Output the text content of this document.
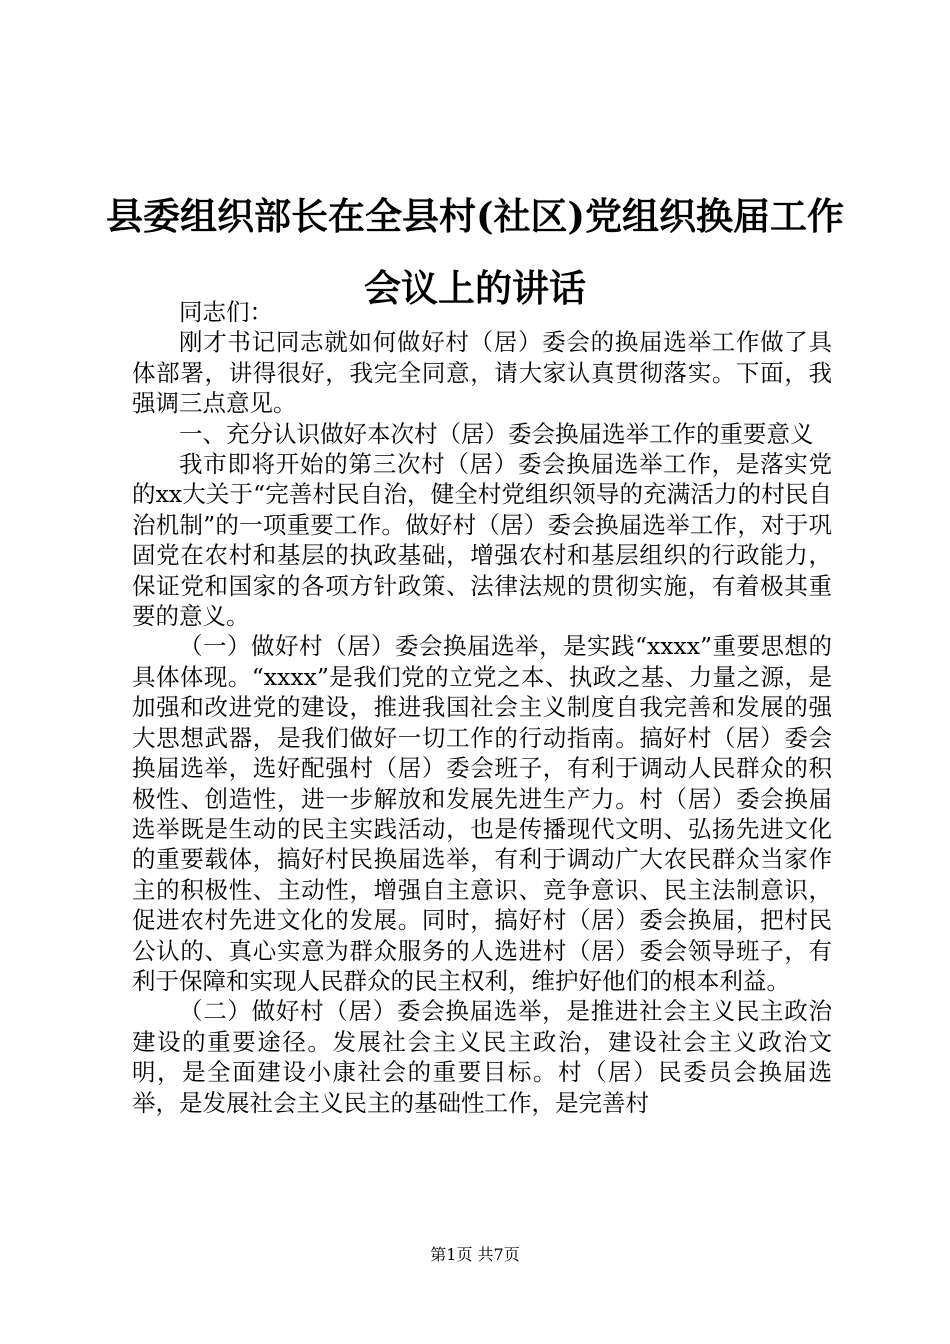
县委组织部长在全县村(社区)党组织换届工作会议上的讲话

同志们：

刚才书记同志就如何做好村（居）委会的换届选举工作做了具体部署，讲得很好，我完全同意，请大家认真贯彻落实。下面，我强调三点意见。

一、充分认识做好本次村（居）委会换届选举工作的重要意义

我市即将开始的第三次村（居）委会换届选举工作，是落实党的xx大关于“完善村民自治，健全村党组织领导的充满活力的村民自治机制”的一项重要工作。做好村（居）委会换届选举工作，对于巩固党在农村和基层的执政基础，增强农村和基层组织的行政能力，保证党和国家的各项方针政策、法律法规的贯彻实施，有着极其重要的意义。

（一）做好村（居）委会换届选举，是实践“xxxx”重要思想的具体体现。“xxxx”是我们党的立党之本、执政之基、力量之源，是加强和改进党的建设，推进我国社会主义制度自我完善和发展的强大思想武器，是我们做好一切工作的行动指南。搞好村（居）委会换届选举，选好配强村（居）委会班子，有利于调动人民群众的积极性、创造性，进一步解放和发展先进生产力。村（居）委会换届选举既是生动的民主实践活动，也是传播现代文明、弘扬先进文化的重要载体，搞好村民换届选举，有利于调动广大农民群众当家作主的积极性、主动性，增强自主意识、竞争意识、民主法制意识，促进农村先进文化的发展。同时，搞好村（居）委会换届，把村民公认的、真心实意为群众服务的人选进村（居）委会领导班子，有利于保障和实现人民群众的民主权利，维护好他们的根本利益。

（二）做好村（居）委会换届选举，是推进社会主义民主政治建设的重要途径。发展社会主义民主政治，建设社会主义政治文明，是全面建设小康社会的重要目标。村（居）民委员会换届选举，是发展社会主义民主的基础性工作，是完善村

第1页 共7页
